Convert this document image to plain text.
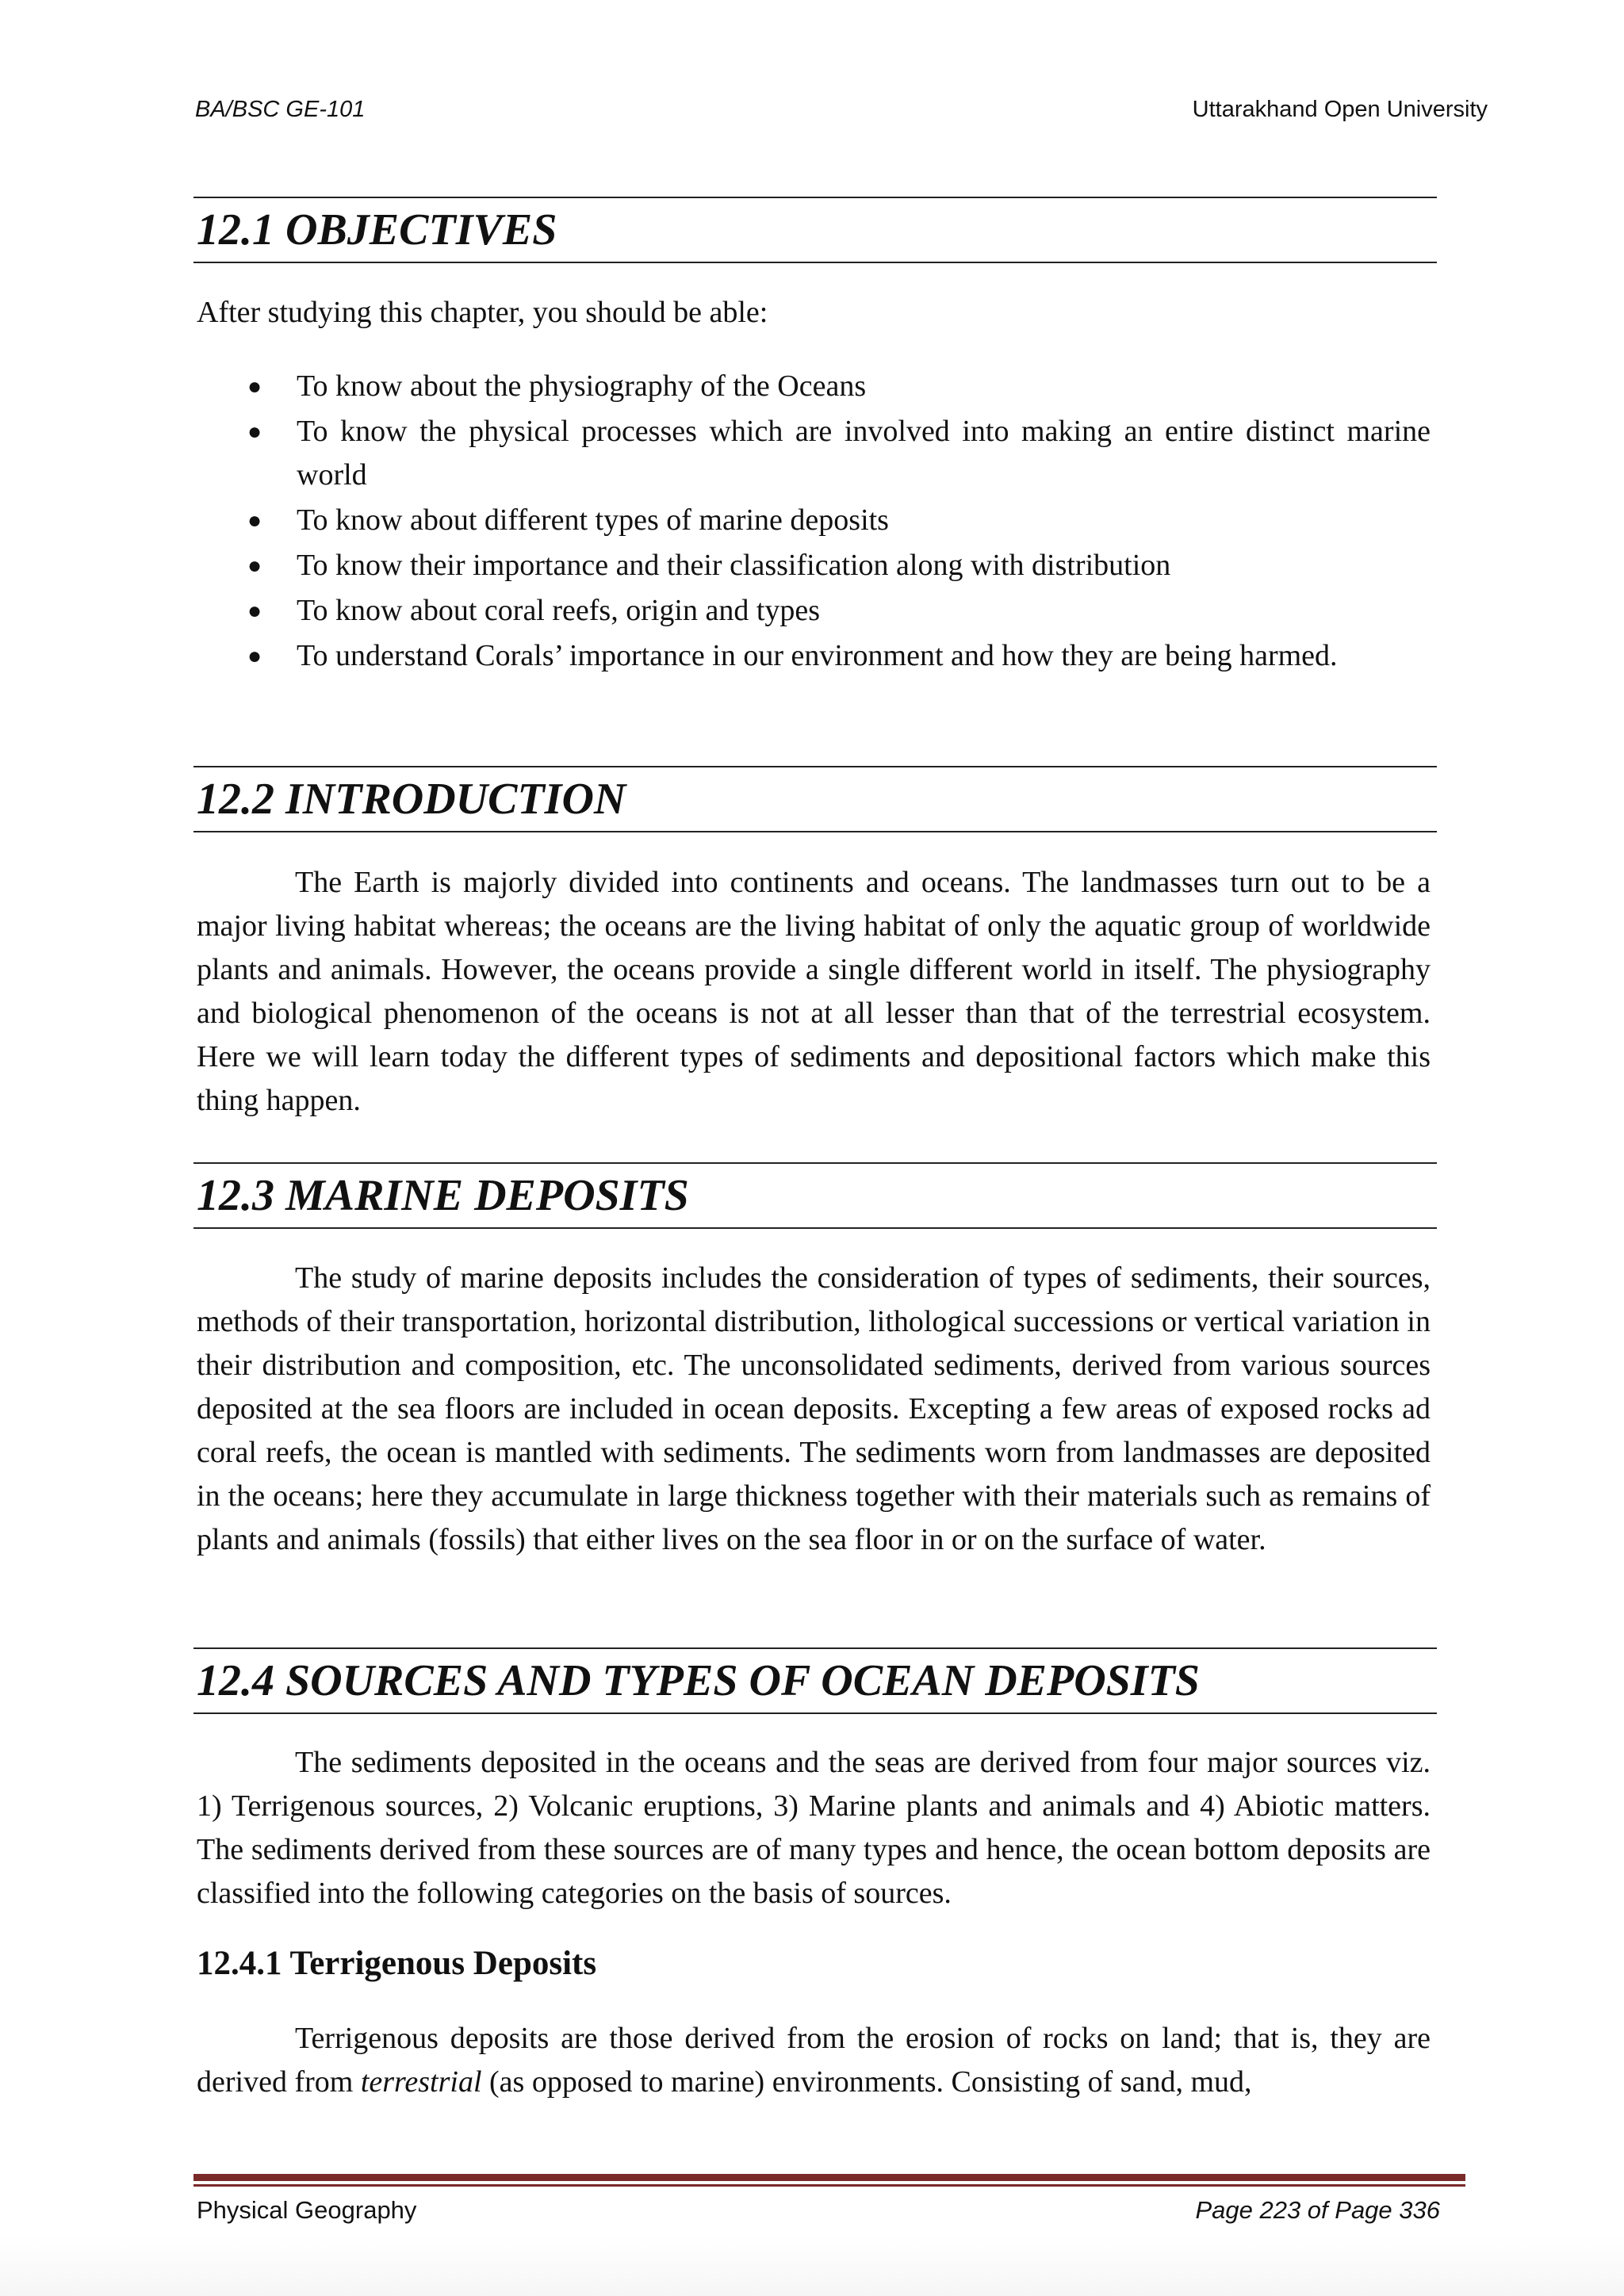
BA/BSC GE-101	Uttarakhand Open University
12.1 OBJECTIVES

After studying this chapter, you should be able:

● To know about the physiography of the Oceans
● To know the physical processes which are involved into making an entire distinct marine world
● To know about different types of marine deposits
● To know their importance and their classification along with distribution
● To know about coral reefs, origin and types
● To understand Corals’ importance in our environment and how they are being harmed.
12.2 INTRODUCTION

The Earth is majorly divided into continents and oceans. The landmasses turn out to be a major living habitat whereas; the oceans are the living habitat of only the aquatic group of worldwide plants and animals. However, the oceans provide a single different world in itself. The physiography and biological phenomenon of the oceans is not at all lesser than that of the terrestrial ecosystem. Here we will learn today the different types of sediments and depositional factors which make this thing happen.

12.3 MARINE DEPOSITS

The study of marine deposits includes the consideration of types of sediments, their sources, methods of their transportation, horizontal distribution, lithological successions or vertical variation in their distribution and composition, etc. The unconsolidated sediments, derived from various sources deposited at the sea floors are included in ocean deposits. Excepting a few areas of exposed rocks ad coral reefs, the ocean is mantled with sediments. The sediments worn from landmasses are deposited in the oceans; here they accumulate in large thickness together with their materials such as remains of plants and animals (fossils) that either lives on the sea floor in or on the surface of water.

12.4 SOURCES AND TYPES OF OCEAN DEPOSITS

The sediments deposited in the oceans and the seas are derived from four major sources viz. 1) Terrigenous sources, 2) Volcanic eruptions, 3) Marine plants and animals and 4) Abiotic matters. The sediments derived from these sources are of many types and hence, the ocean bottom deposits are classified into the following categories on the basis of sources.

12.4.1 Terrigenous Deposits

Terrigenous deposits are those derived from the erosion of rocks on land; that is, they are derived from terrestrial (as opposed to marine) environments. Consisting of sand, mud,

Physical Geography	Page 223 of Page 336
